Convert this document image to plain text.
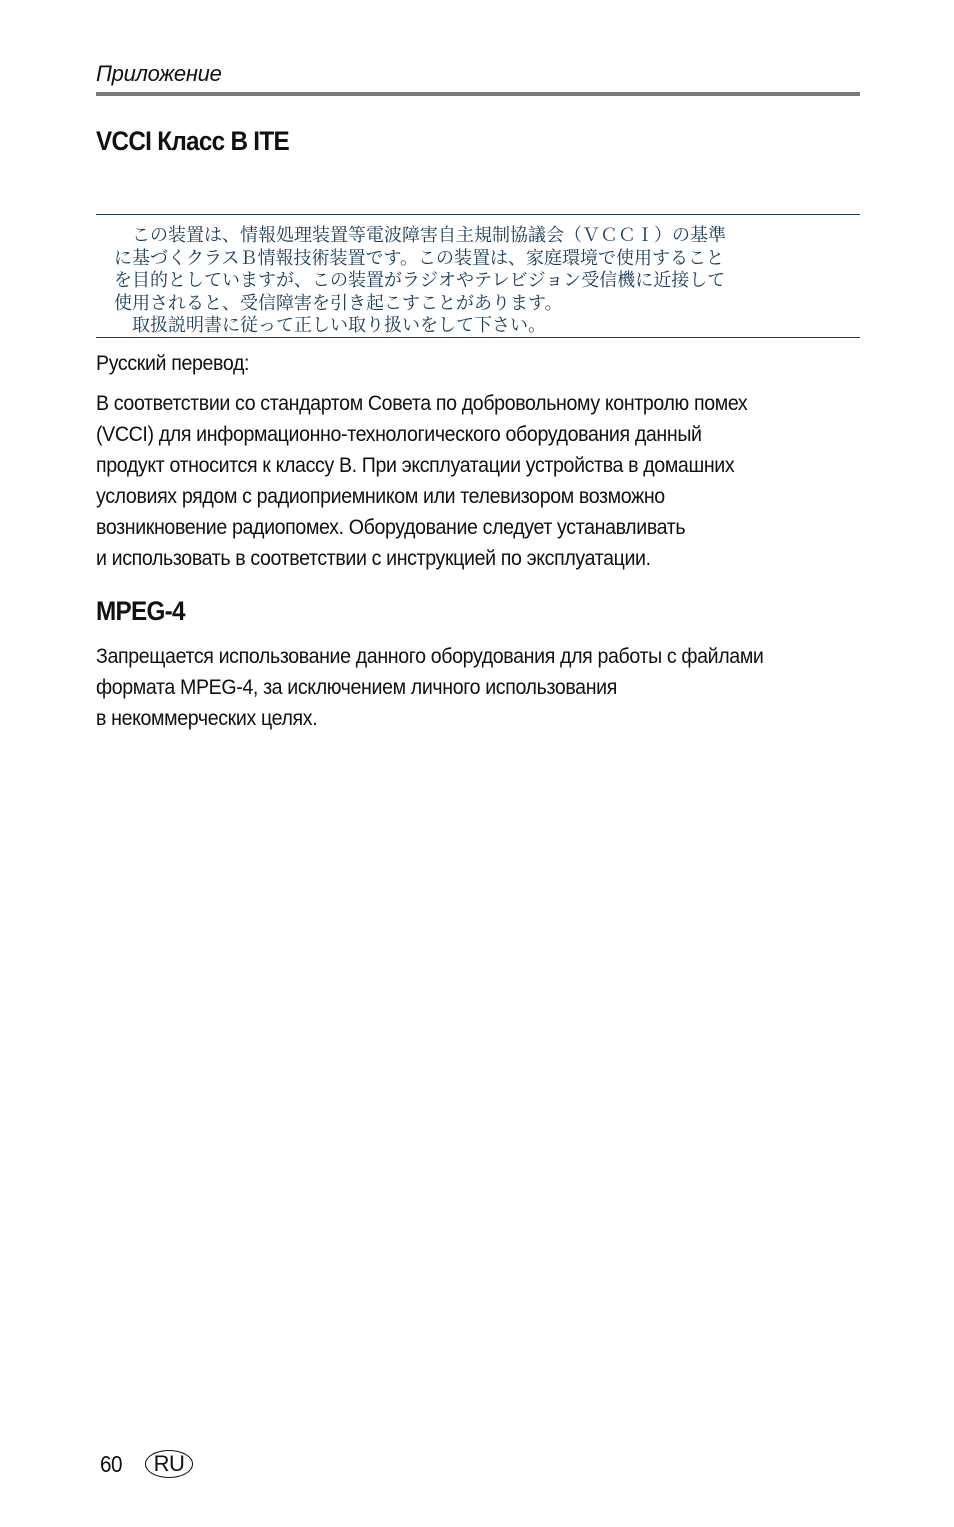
Приложение
VCCI Класс B ITE
　この装置は、情報処理装置等電波障害自主規制協議会（ＶＣＣＩ）の基準
に基づくクラスＢ情報技術装置です。この装置は、家庭環境で使用すること
を目的としていますが、この装置がラジオやテレビジョン受信機に近接して
使用されると、受信障害を引き起こすことがあります。
　取扱説明書に従って正しい取り扱いをして下さい。
Русский перевод:
В соответствии со стандартом Совета по добровольному контролю помех
(VCCI) для информационно-технологического оборудования данный
продукт относится к классу B. При эксплуатации устройства в домашних
условиях рядом с радиоприемником или телевизором возможно
возникновение радиопомех. Оборудование следует устанавливать
и использовать в соответствии с инструкцией по эксплуатации.
MPEG-4
Запрещается использование данного оборудования для работы с файлами
формата MPEG-4, за исключением личного использования
в некоммерческих целях.
60	RU
